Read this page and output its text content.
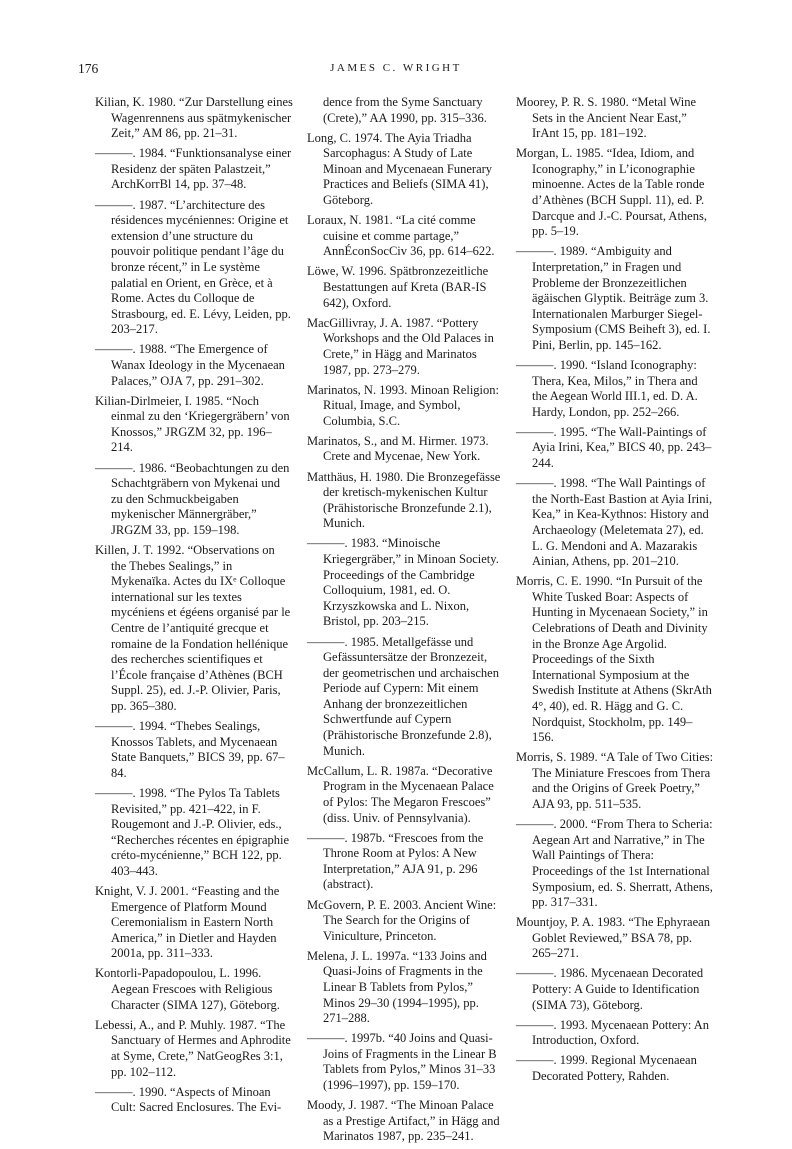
176	JAMES C. WRIGHT

Kilian, K. 1980. “Zur Darstellung eines Wagenrennens aus spätmykenischer Zeit,” AM 86, pp. 21–31.

———. 1984. “Funktionsanalyse einer Residenz der späten Palastzeit,” ArchKorrBl 14, pp. 37–48.

———. 1987. “L’architecture des résidences mycéniennes: Origine et extension d’une structure du pouvoir politique pendant l’âge du bronze récent,” in Le système palatial en Orient, en Grèce, et à Rome. Actes du Colloque de Strasbourg, ed. E. Lévy, Leiden, pp. 203–217.

———. 1988. “The Emergence of Wanax Ideology in the Mycenaean Palaces,” OJA 7, pp. 291–302.

Kilian-Dirlmeier, I. 1985. “Noch einmal zu den ‘Kriegergräbern’ von Knossos,” JRGZM 32, pp. 196–214.

———. 1986. “Beobachtungen zu den Schachtgräbern von Mykenai und zu den Schmuckbeigaben mykenischer Männergräber,” JRGZM 33, pp. 159–198.

Killen, J. T. 1992. “Observations on the Thebes Sealings,” in Mykenaïka. Actes du IXᵉ Colloque international sur les textes mycéniens et égéens organisé par le Centre de l’antiquité grecque et romaine de la Fondation hellénique des recherches scientifiques et l’École française d’Athènes (BCH Suppl. 25), ed. J.-P. Olivier, Paris, pp. 365–380.

———. 1994. “Thebes Sealings, Knossos Tablets, and Mycenaean State Banquets,” BICS 39, pp. 67–84.

———. 1998. “The Pylos Ta Tablets Revisited,” pp. 421–422, in F. Rougemont and J.-P. Olivier, eds., “Recherches récentes en épigraphie créto-mycénienne,” BCH 122, pp. 403–443.

Knight, V. J. 2001. “Feasting and the Emergence of Platform Mound Ceremonialism in Eastern North America,” in Dietler and Hayden 2001a, pp. 311–333.

Kontorli-Papadopoulou, L. 1996. Aegean Frescoes with Religious Character (SIMA 127), Göteborg.

Lebessi, A., and P. Muhly. 1987. “The Sanctuary of Hermes and Aphrodite at Syme, Crete,” NatGeogRes 3:1, pp. 102–112.

———. 1990. “Aspects of Minoan Cult: Sacred Enclosures. The Evi-

dence from the Syme Sanctuary (Crete),” AA 1990, pp. 315–336.

Long, C. 1974. The Ayia Triadha Sarcophagus: A Study of Late Minoan and Mycenaean Funerary Practices and Beliefs (SIMA 41), Göteborg.

Loraux, N. 1981. “La cité comme cuisine et comme partage,” AnnÉconSocCiv 36, pp. 614–622.

Löwe, W. 1996. Spätbronzezeitliche Bestattungen auf Kreta (BAR-IS 642), Oxford.

MacGillivray, J. A. 1987. “Pottery Workshops and the Old Palaces in Crete,” in Hägg and Marinatos 1987, pp. 273–279.

Marinatos, N. 1993. Minoan Religion: Ritual, Image, and Symbol, Columbia, S.C.

Marinatos, S., and M. Hirmer. 1973. Crete and Mycenae, New York.

Matthäus, H. 1980. Die Bronzegefässe der kretisch-mykenischen Kultur (Prähistorische Bronzefunde 2.1), Munich.

———. 1983. “Minoische Kriegergräber,” in Minoan Society. Proceedings of the Cambridge Colloquium, 1981, ed. O. Krzyszkowska and L. Nixon, Bristol, pp. 203–215.

———. 1985. Metallgefässe und Gefässuntersätze der Bronzezeit, der geometrischen und archaischen Periode auf Cypern: Mit einem Anhang der bronzezeitlichen Schwertfunde auf Cypern (Prähistorische Bronzefunde 2.8), Munich.

McCallum, L. R. 1987a. “Decorative Program in the Mycenaean Palace of Pylos: The Megaron Frescoes” (diss. Univ. of Pennsylvania).

———. 1987b. “Frescoes from the Throne Room at Pylos: A New Interpretation,” AJA 91, p. 296 (abstract).

McGovern, P. E. 2003. Ancient Wine: The Search for the Origins of Viniculture, Princeton.

Melena, J. L. 1997a. “133 Joins and Quasi-Joins of Fragments in the Linear B Tablets from Pylos,” Minos 29–30 (1994–1995), pp. 271–288.

———. 1997b. “40 Joins and Quasi-Joins of Fragments in the Linear B Tablets from Pylos,” Minos 31–33 (1996–1997), pp. 159–170.

Moody, J. 1987. “The Minoan Palace as a Prestige Artifact,” in Hägg and Marinatos 1987, pp. 235–241.

Moorey, P. R. S. 1980. “Metal Wine Sets in the Ancient Near East,” IrAnt 15, pp. 181–192.

Morgan, L. 1985. “Idea, Idiom, and Iconography,” in L’iconographie minoenne. Actes de la Table ronde d’Athènes (BCH Suppl. 11), ed. P. Darcque and J.-C. Poursat, Athens, pp. 5–19.

———. 1989. “Ambiguity and Interpretation,” in Fragen und Probleme der Bronzezeitlichen ägäischen Glyptik. Beiträge zum 3. Internationalen Marburger Siegel-Symposium (CMS Beiheft 3), ed. I. Pini, Berlin, pp. 145–162.

———. 1990. “Island Iconography: Thera, Kea, Milos,” in Thera and the Aegean World III.1, ed. D. A. Hardy, London, pp. 252–266.

———. 1995. “The Wall-Paintings of Ayia Irini, Kea,” BICS 40, pp. 243–244.

———. 1998. “The Wall Paintings of the North-East Bastion at Ayia Irini, Kea,” in Kea-Kythnos: History and Archaeology (Meletemata 27), ed. L. G. Mendoni and A. Mazarakis Ainian, Athens, pp. 201–210.

Morris, C. E. 1990. “In Pursuit of the White Tusked Boar: Aspects of Hunting in Mycenaean Society,” in Celebrations of Death and Divinity in the Bronze Age Argolid. Proceedings of the Sixth International Symposium at the Swedish Institute at Athens (SkrAth 4°, 40), ed. R. Hägg and G. C. Nordquist, Stockholm, pp. 149–156.

Morris, S. 1989. “A Tale of Two Cities: The Miniature Frescoes from Thera and the Origins of Greek Poetry,” AJA 93, pp. 511–535.

———. 2000. “From Thera to Scheria: Aegean Art and Narrative,” in The Wall Paintings of Thera: Proceedings of the 1st International Symposium, ed. S. Sherratt, Athens, pp. 317–331.

Mountjoy, P. A. 1983. “The Ephyraean Goblet Reviewed,” BSA 78, pp. 265–271.

———. 1986. Mycenaean Decorated Pottery: A Guide to Identification (SIMA 73), Göteborg.

———. 1993. Mycenaean Pottery: An Introduction, Oxford.

———. 1999. Regional Mycenaean Decorated Pottery, Rahden.
